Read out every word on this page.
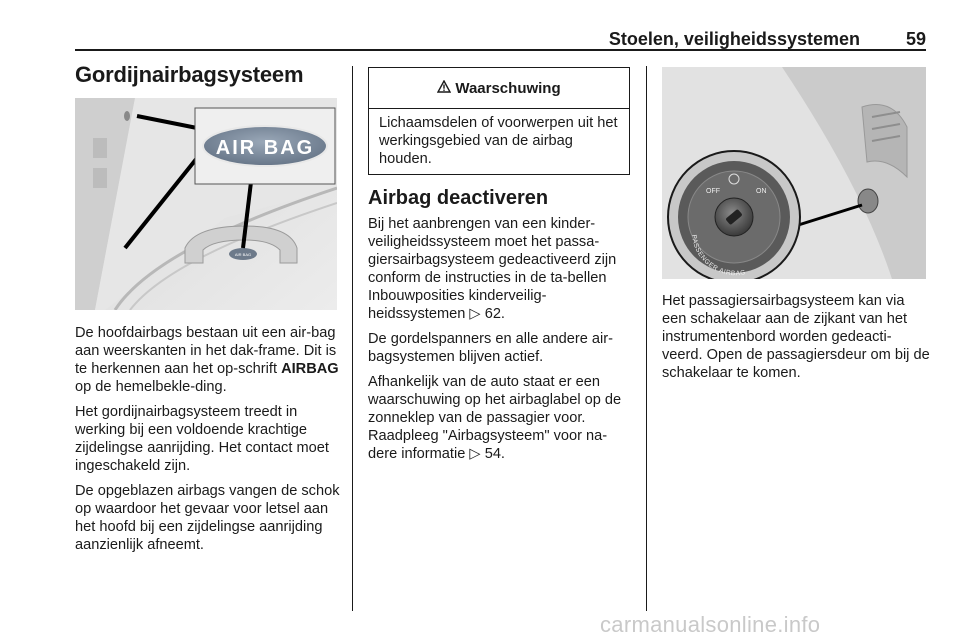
Stoelen, veiligheidssystemen	59
Gordijnairbagsysteem
AIR BAG
AIR BAG

De hoofdairbags bestaan uit een air-bag aan weerskanten in het dak-frame. Dit is te herkennen aan het op-schrift AIRBAG op de hemelbekle-ding.

Het gordijnairbagsysteem treedt in werking bij een voldoende krachtige zijdelingse aanrijding. Het contact moet ingeschakeld zijn.

De opgeblazen airbags vangen de schok op waardoor het gevaar voor letsel aan het hoofd bij een zijdelingse aanrijding aanzienlijk afneemt.

Waarschuwing
Lichaamsdelen of voorwerpen uit het werkingsgebied van de airbag houden.
Airbag deactiveren

Bij het aanbrengen van een kinder-veiligheidssysteem moet het passa-giersairbagsysteem gedeactiveerd zijn conform de instructies in de ta-bellen Inbouwposities kinderveilig-heidssystemen ▷ 62.

De gordelspanners en alle andere air-bagsystemen blijven actief.

Afhankelijk van de auto staat er een waarschuwing op het airbaglabel op de zonneklep van de passagier voor. Raadpleeg "Airbagsysteem" voor na-dere informatie ▷ 54.

OFF	ON
PASSENGER AIRBAG

Het passagiersairbagsysteem kan via een schakelaar aan de zijkant van het instrumentenbord worden gedeacti-veerd. Open de passagiersdeur om bij de schakelaar te komen.

carmanualsonline.info
